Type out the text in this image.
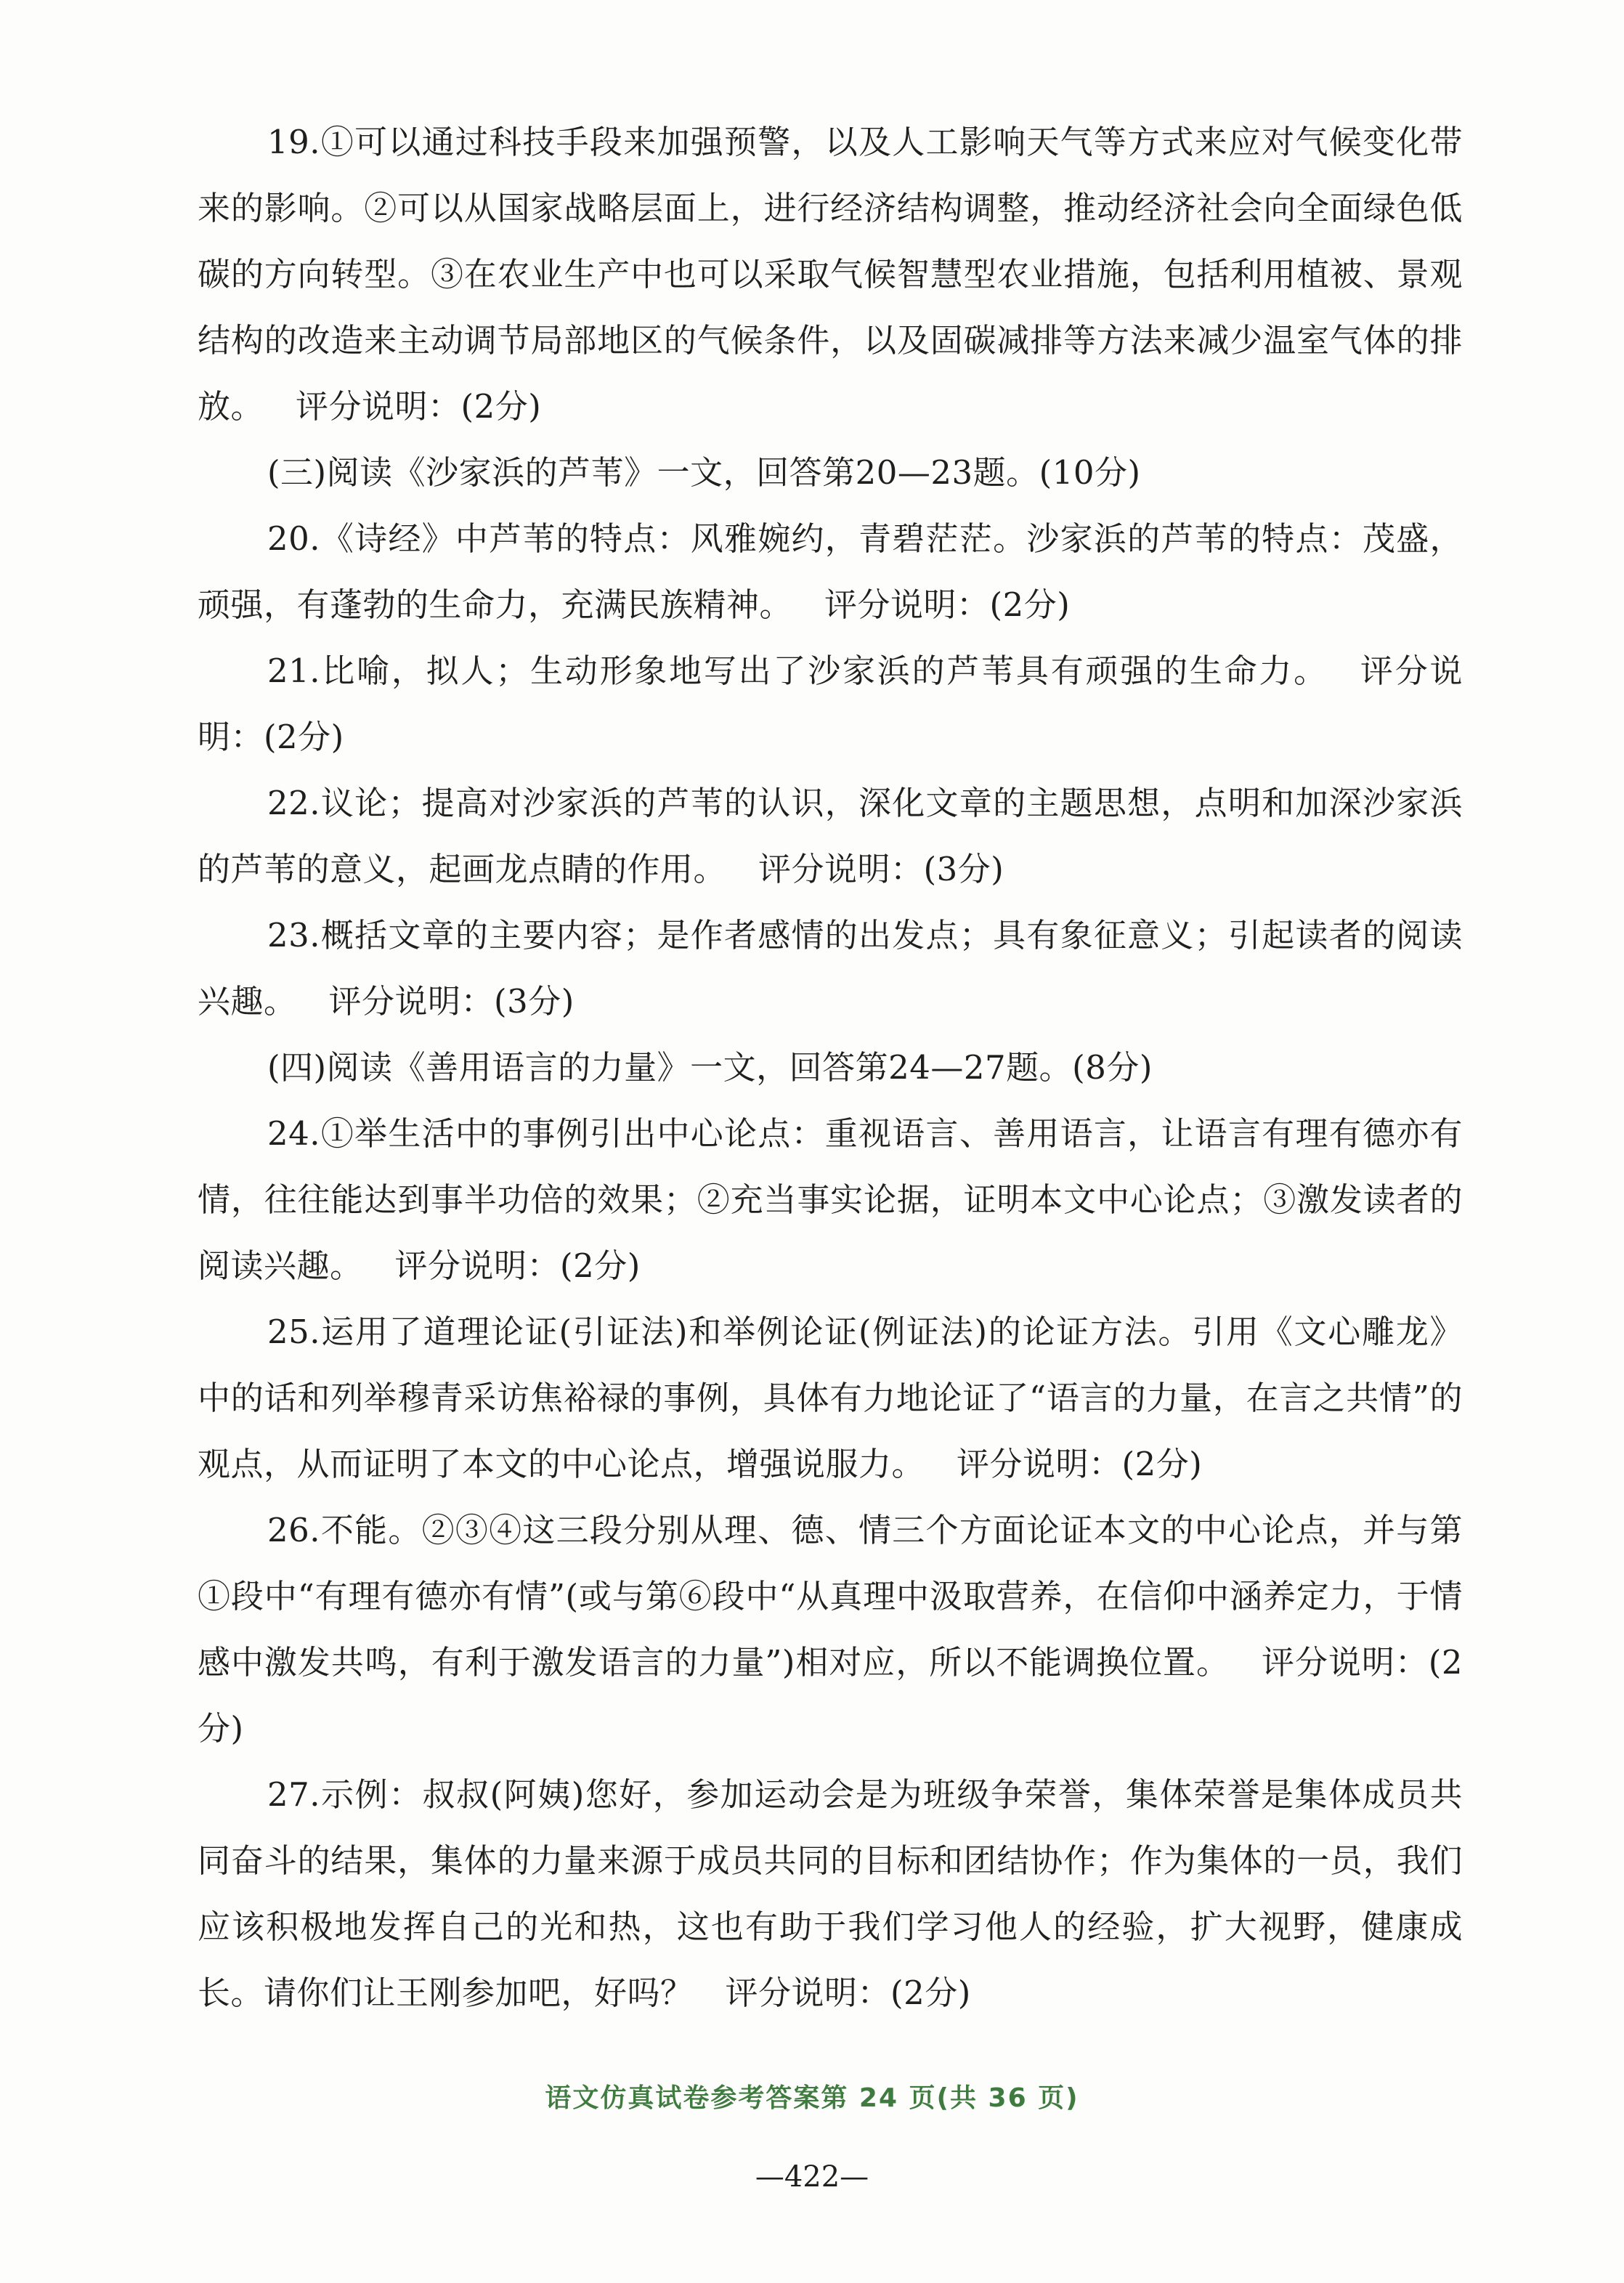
19.①可以通过科技手段来加强预警，以及人工影响天气等方式来应对气候变化带来的影响。②可以从国家战略层面上，进行经济结构调整，推动经济社会向全面绿色低碳的方向转型。③在农业生产中也可以采取气候智慧型农业措施，包括利用植被、景观结构的改造来主动调节局部地区的气候条件，以及固碳减排等方法来减少温室气体的排放。 评分说明：(2分)

(三)阅读《沙家浜的芦苇》一文，回答第20—23题。(10分)

20.《诗经》中芦苇的特点：风雅婉约，青碧茫茫。沙家浜的芦苇的特点：茂盛，顽强，有蓬勃的生命力，充满民族精神。 评分说明：(2分)

21.比喻，拟人；生动形象地写出了沙家浜的芦苇具有顽强的生命力。 评分说明：(2分)

22.议论；提高对沙家浜的芦苇的认识，深化文章的主题思想，点明和加深沙家浜的芦苇的意义，起画龙点睛的作用。 评分说明：(3分)

23.概括文章的主要内容；是作者感情的出发点；具有象征意义；引起读者的阅读兴趣。 评分说明：(3分)

(四)阅读《善用语言的力量》一文，回答第24—27题。(8分)

24.①举生活中的事例引出中心论点：重视语言、善用语言，让语言有理有德亦有情，往往能达到事半功倍的效果；②充当事实论据，证明本文中心论点；③激发读者的阅读兴趣。 评分说明：(2分)

25.运用了道理论证(引证法)和举例论证(例证法)的论证方法。引用《文心雕龙》中的话和列举穆青采访焦裕禄的事例，具体有力地论证了“语言的力量，在言之共情”的观点，从而证明了本文的中心论点，增强说服力。 评分说明：(2分)

26.不能。②③④这三段分别从理、德、情三个方面论证本文的中心论点，并与第①段中“有理有德亦有情”(或与第⑥段中“从真理中汲取营养，在信仰中涵养定力，于情感中激发共鸣，有利于激发语言的力量”)相对应，所以不能调换位置。 评分说明：(2分)

27.示例：叔叔(阿姨)您好，参加运动会是为班级争荣誉，集体荣誉是集体成员共同奋斗的结果，集体的力量来源于成员共同的目标和团结协作；作为集体的一员，我们应该积极地发挥自己的光和热，这也有助于我们学习他人的经验，扩大视野，健康成长。请你们让王刚参加吧，好吗？ 评分说明：(2分)

语文仿真试卷参考答案第 24 页(共 36 页)
—422—
